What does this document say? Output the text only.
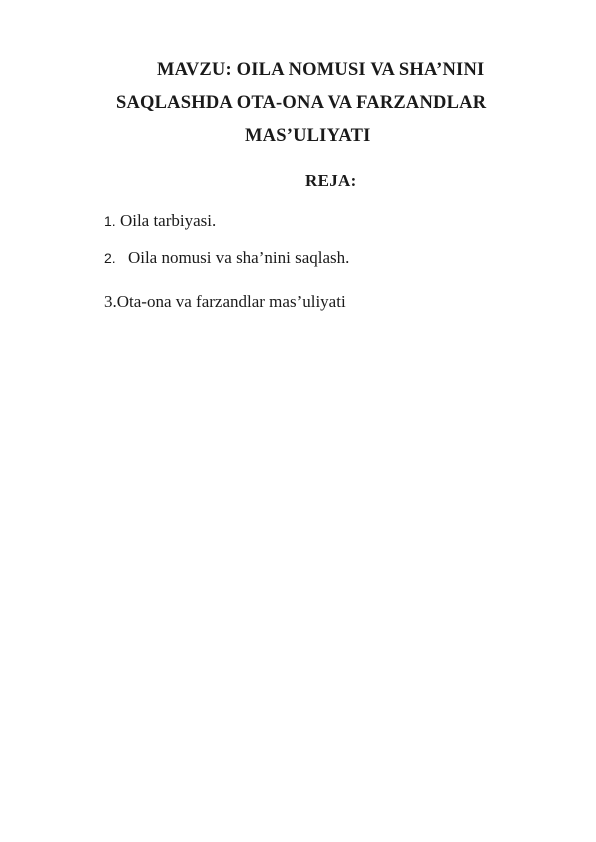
MAVZU: OILA NOMUSI VA SHA’NINI
SAQLASHDA OTA-ONA VA FARZANDLAR
MAS’ULIYATI
REJA:
1. Oila tarbiyasi.
2. Oila nomusi va sha’nini saqlash.
3.Ota-ona va farzandlar mas’uliyati
